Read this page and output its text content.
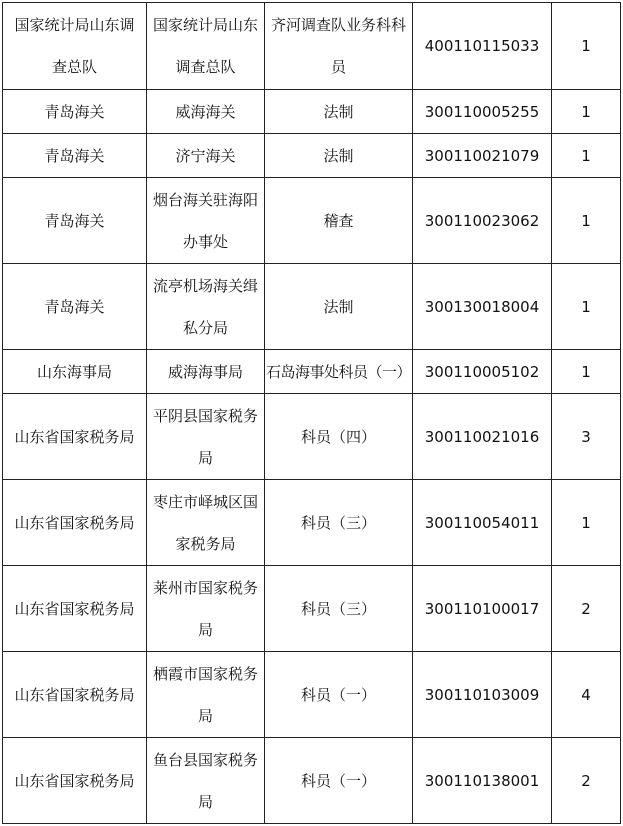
国家统计局山东调查总队	国家统计局山东调查总队	齐河调查队业务科科员	400110115033	1
青岛海关	威海海关	法制	300110005255	1
青岛海关	济宁海关	法制	300110021079	1
青岛海关	烟台海关驻海阳办事处	稽查	300110023062	1
青岛海关	流亭机场海关缉私分局	法制	300130018004	1
山东海事局	威海海事局	石岛海事处科员（一）	300110005102	1
山东省国家税务局	平阴县国家税务局	科员（四）	300110021016	3
山东省国家税务局	枣庄市峄城区国家税务局	科员（三）	300110054011	1
山东省国家税务局	莱州市国家税务局	科员（三）	300110100017	2
山东省国家税务局	栖霞市国家税务局	科员（一）	300110103009	4
山东省国家税务局	鱼台县国家税务局	科员（一）	300110138001	2
